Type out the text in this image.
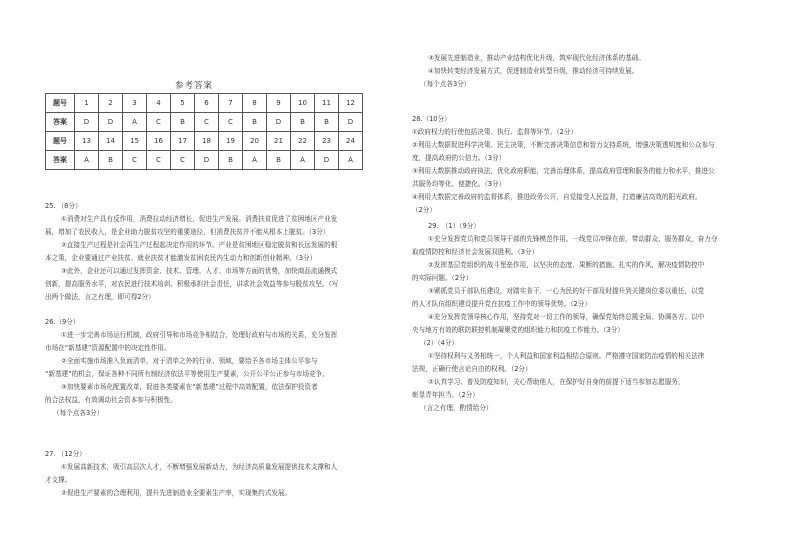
参考答案
题号	1	2	3	4	5	6	7	8	9	10	11	12
答案	D	D	A	C	B	C	C	B	D	B	B	D
题号	13	14	15	16	17	18	19	20	21	22	23	24
答案	A	B	C	C	C	D	B	A	B	A	D	A

25. （8分）

①消费对生产具有反作用，消费拉动经济增长，促进生产发展。消费扶贫促进了贫困地区产业发

展，增加了农民收入，是企业助力脱贫攻坚的重要途径，但消费扶贫并不能从根本上脱贫。（3分）

②直接生产过程是社会再生产过程起决定作用的环节。产业是贫困地区稳定脱贫和长远发展的根

本之策，企业要通过产业扶贫、就业扶贫才能激发贫困农民内生动力和创新创业精神。（3分）

③此外，企业还可以通过发挥资金、技术、管理、人才、市场等方面的优势，加快商品流通模式

创新，提高服务水平，对农民进行技术培训、积极承担社会责任，讲求社会效益等参与脱贫攻坚。（写

出两个做法，言之有理，即可得2分）

26.（9分）

①进一步完善市场运行机制，政府引导和市场竞争相结合，处理好政府与市场的关系，充分发挥

市场在“新基建”资源配置中的决定性作用。

②全面实施市场准入负面清单，对于清单之外的行业、领域，要给予各市场主体公平参与

“新基建”的机会，保证各种不同所有制经济依法平等使用生产要素，公开公平公正参与市场竞争。

③加快要素市场化配置改革，促进各类要素在“新基建”过程中高效配置，依法保护投资者

的合法权益，有效调动社会资本参与积极性。

（每个点各3分）

27. （12分）

①发展高新技术，吸引高层次人才，不断增强发展新动力，为经济高质量发展提供技术支撑和人

才支撑。

②促进生产要素的合理利用，提升先进制造业全要素生产率，实现集约式发展。

③发展先进制造业，推动产业结构优化升级，筑牢现代化经济体系的基础。

④加快转变经济发展方式，促进制造业转型升级，推动经济可持续发展。

（每个点各3分）

28.（10分）

①政府权力的行使包括决策、执行、监督等环节。（2分）

②利用大数据促进科学决策、民主决策，不断完善决策信息和智力支持系统，增强决策透明度和公众参与

度，提高政府的公信力。（3分）

③利用大数据推动政府执法，优化政府职能，完善治理体系，提高政府管理和服务的能力和水平，推进公

共服务均等化、便捷化。（3分）

④利用大数据完善政府的监督体系，推进政务公开，自觉接受人民监督，打造廉洁高效的阳光政府。

（2分）

29.　（1）（9分）

①充分发挥党员和党员领导干部的先锋模范作用。一线党员冲锋在前，带动群众、服务群众，奋力夺

取疫情防控和经济社会发展双胜利。（3分）

②发挥基层党组织的战斗堡垒作用，以坚决的态度、果断的措施、扎实的作风，解决疫情防控中

的实际问题。（2分）

③紧抓党员干部队伍建设，对踏实肯干、一心为民的好干部及时提升到关键岗位委以重任，以党

的人才队伍组织建设提升党在抗疫工作中的领导优势。（2分）

④充分发挥党领导核心作用，坚持党对一切工作的领导，确保党始终总揽全局、协调各方。以中

央与地方有效的联防联控机制凝聚党的组织能力和抗疫工作能力。（3分）

（2）（4分）

①坚持权利与义务相统一，个人利益和国家利益相结合原则。严格遵守国家防治疫情的相关法律

法规，正确行使言论自由的权利。（2分）

②认真学习、普及防疫知识，关心帮助他人，在保护好自身的前提下适当参加志愿服务，

彰显青年担当。（2分）

（言之有理，酌情给分）
